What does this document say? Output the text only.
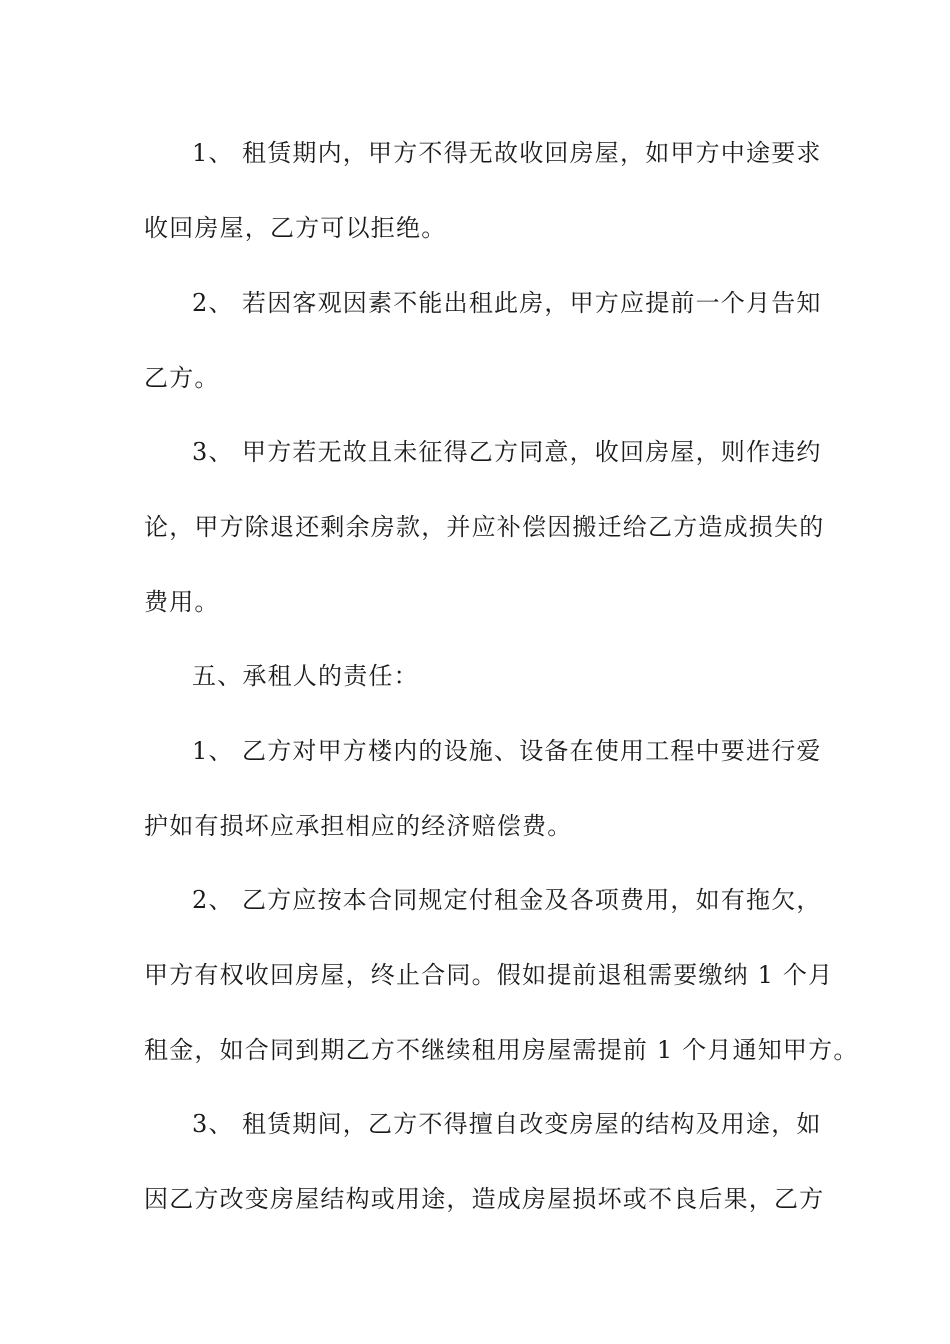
1、 租赁期内，甲方不得无故收回房屋，如甲方中途要求
收回房屋，乙方可以拒绝。
2、 若因客观因素不能出租此房，甲方应提前一个月告知
乙方。
3、 甲方若无故且未征得乙方同意，收回房屋，则作违约
论，甲方除退还剩余房款，并应补偿因搬迁给乙方造成损失的
费用。
五、承租人的责任：
1、 乙方对甲方楼内的设施、设备在使用工程中要进行爱
护如有损坏应承担相应的经济赔偿费。
2、 乙方应按本合同规定付租金及各项费用，如有拖欠，
甲方有权收回房屋，终止合同。假如提前退租需要缴纳 1 个月
租金，如合同到期乙方不继续租用房屋需提前 1 个月通知甲方。
3、 租赁期间，乙方不得擅自改变房屋的结构及用途，如
因乙方改变房屋结构或用途，造成房屋损坏或不良后果，乙方
